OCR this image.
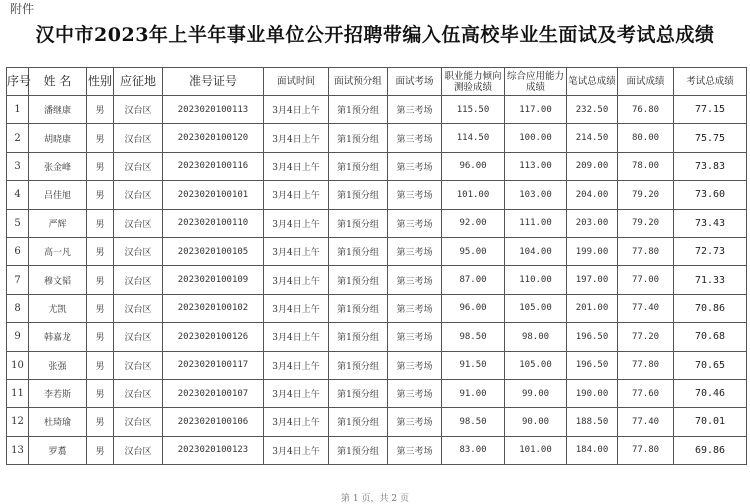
附件
汉中市2023年上半年事业单位公开招聘带编入伍高校毕业生面试及考试总成绩
序号	姓 名	性别	应征地	准号证号	面试时间	面试预分组	面试考场	职业能力倾向测验成绩	综合应用能力成绩	笔试总成绩	面试成绩	考试总成绩
1	潘继康	男	汉台区	2023020100113	3月4日上午	第1预分组	第三考场	115.50	117.00	232.50	76.80	77.15
2	胡晓康	男	汉台区	2023020100120	3月4日上午	第1预分组	第三考场	114.50	100.00	214.50	80.00	75.75
3	张金峰	男	汉台区	2023020100116	3月4日上午	第1预分组	第三考场	96.00	113.00	209.00	78.00	73.83
4	吕佳旭	男	汉台区	2023020100101	3月4日上午	第1预分组	第三考场	101.00	103.00	204.00	79.20	73.60
5	严辉	男	汉台区	2023020100110	3月4日上午	第1预分组	第三考场	92.00	111.00	203.00	79.20	73.43
6	高一凡	男	汉台区	2023020100105	3月4日上午	第1预分组	第三考场	95.00	104.00	199.00	77.80	72.73
7	穆文韬	男	汉台区	2023020100109	3月4日上午	第1预分组	第三考场	87.00	110.00	197.00	77.00	71.33
8	尤凯	男	汉台区	2023020100102	3月4日上午	第1预分组	第三考场	96.00	105.00	201.00	77.40	70.86
9	韩嘉龙	男	汉台区	2023020100126	3月4日上午	第1预分组	第三考场	98.50	98.00	196.50	77.20	70.68
10	张强	男	汉台区	2023020100117	3月4日上午	第1预分组	第三考场	91.50	105.00	196.50	77.80	70.65
11	李若斯	男	汉台区	2023020100107	3月4日上午	第1预分组	第三考场	91.00	99.00	190.00	77.60	70.46
12	杜琦瑜	男	汉台区	2023020100106	3月4日上午	第1预分组	第三考场	98.50	90.00	188.50	77.40	70.01
13	罗翥	男	汉台区	2023020100123	3月4日上午	第1预分组	第三考场	83.00	101.00	184.00	77.80	69.86
第 1 页，共 2 页
